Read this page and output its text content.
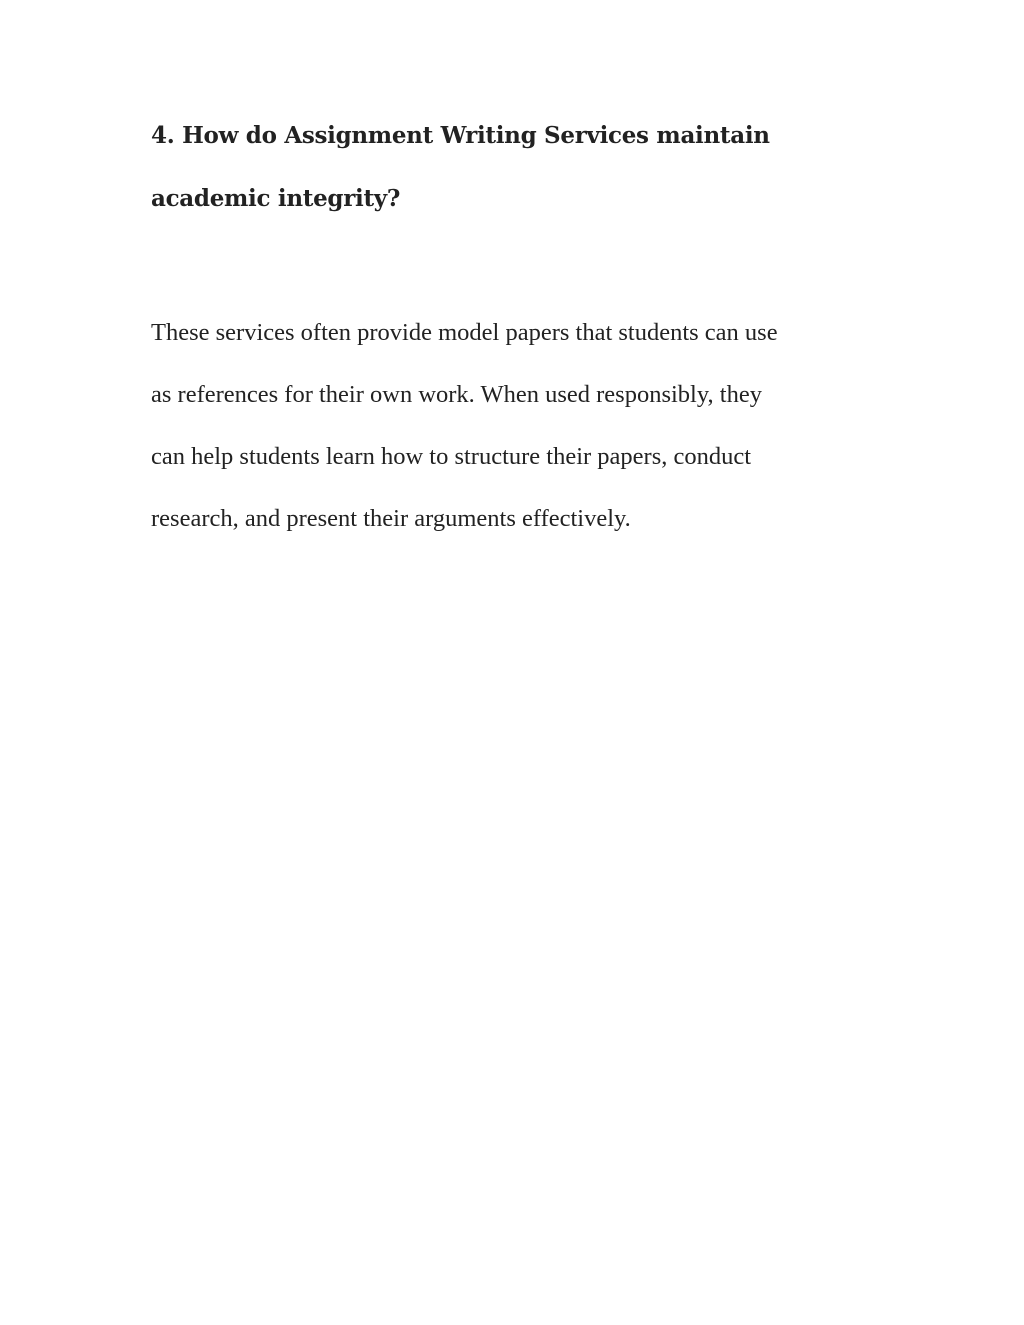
4. How do Assignment Writing Services maintain
academic integrity?

These services often provide model papers that students can use
as references for their own work. When used responsibly, they
can help students learn how to structure their papers, conduct
research, and present their arguments effectively.
